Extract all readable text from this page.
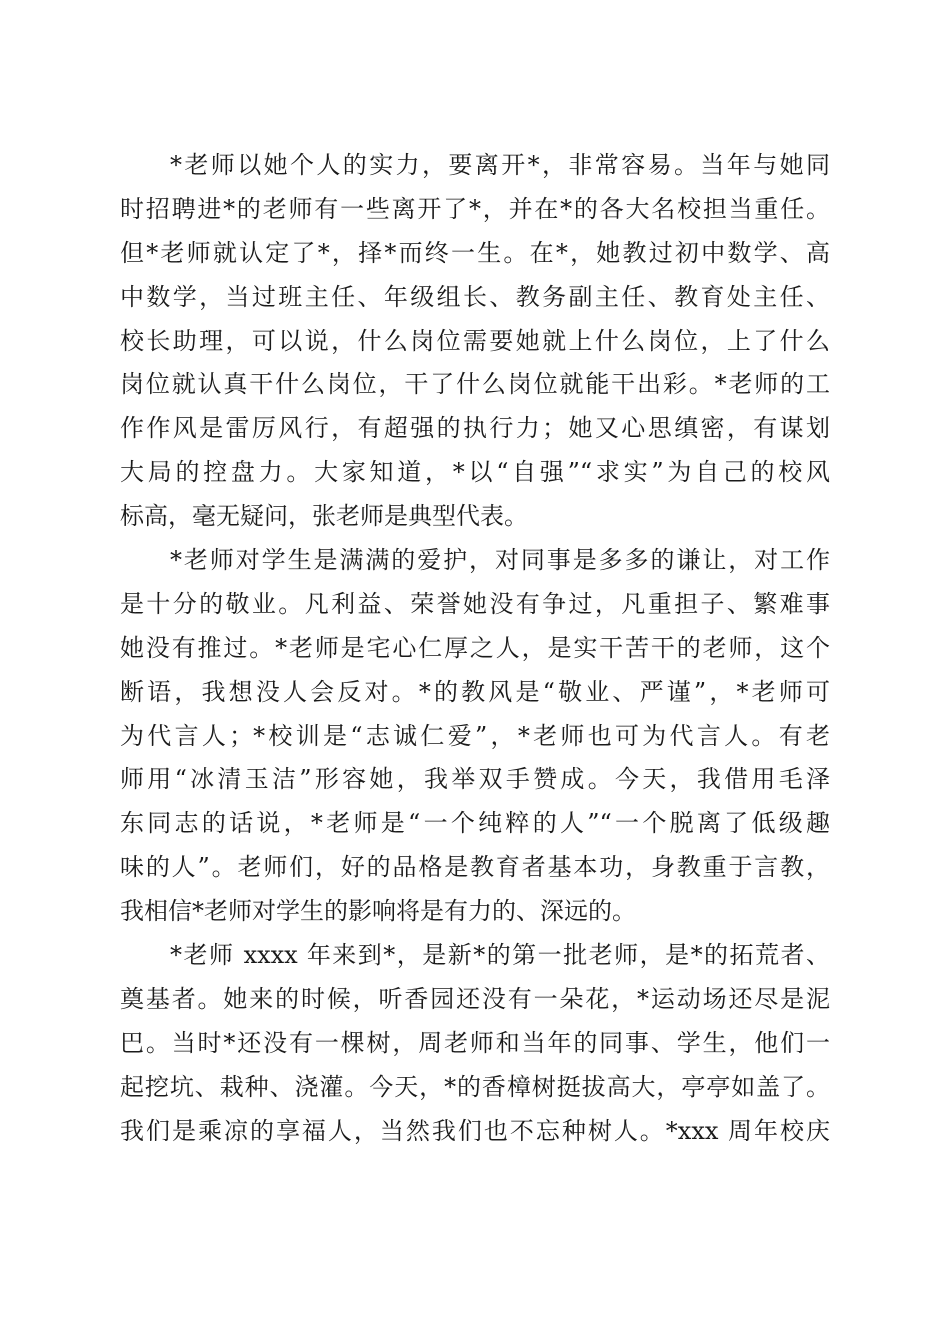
*老师以她个人的实力，要离开*，非常容易。当年与她同
时招聘进*的老师有一些离开了*，并在*的各大名校担当重任。
但*老师就认定了*，择*而终一生。在*，她教过初中数学、高
中数学，当过班主任、年级组长、教务副主任、教育处主任、
校长助理，可以说，什么岗位需要她就上什么岗位，上了什么
岗位就认真干什么岗位，干了什么岗位就能干出彩。*老师的工
作作风是雷厉风行，有超强的执行力；她又心思缜密，有谋划
大局的控盘力。大家知道，*以“自强”“求实”为自己的校风
标高，毫无疑问，张老师是典型代表。
*老师对学生是满满的爱护，对同事是多多的谦让，对工作
是十分的敬业。凡利益、荣誉她没有争过，凡重担子、繁难事
她没有推过。*老师是宅心仁厚之人，是实干苦干的老师，这个
断语，我想没人会反对。*的教风是“敬业、严谨”，*老师可
为代言人；*校训是“志诚仁爱”，*老师也可为代言人。有老
师用“冰清玉洁”形容她，我举双手赞成。今天，我借用毛泽
东同志的话说，*老师是“一个纯粹的人”“一个脱离了低级趣
味的人”。老师们，好的品格是教育者基本功，身教重于言教，
我相信*老师对学生的影响将是有力的、深远的。
*老师 xxxx 年来到*，是新*的第一批老师，是*的拓荒者、
奠基者。她来的时候，听香园还没有一朵花，*运动场还尽是泥
巴。当时*还没有一棵树，周老师和当年的同事、学生，他们一
起挖坑、栽种、浇灌。今天，*的香樟树挺拔高大，亭亭如盖了。
我们是乘凉的享福人，当然我们也不忘种树人。*xxx 周年校庆
